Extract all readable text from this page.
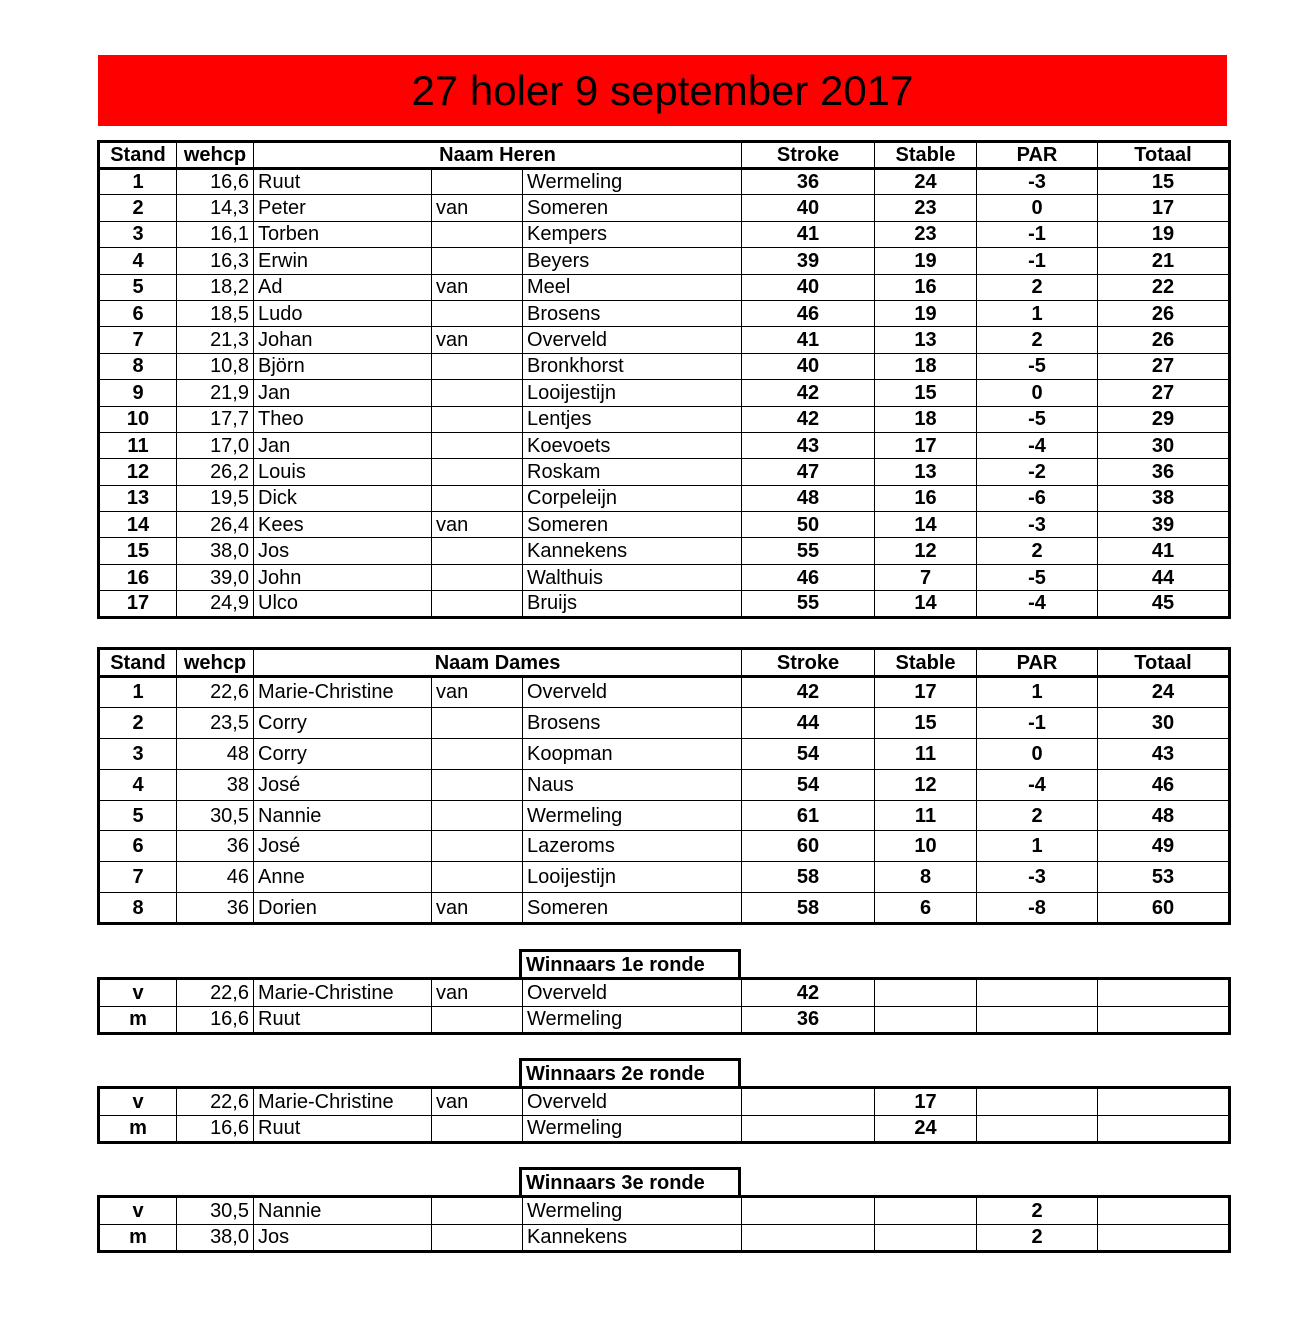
27 holer 9 september 2017
Stand	wehcp	Naam Heren			Stroke	Stable	PAR	Totaal
1	16,6	Ruut		Wermeling	36	24	-3	15
2	14,3	Peter	van	Someren	40	23	0	17
3	16,1	Torben		Kempers	41	23	-1	19
4	16,3	Erwin		Beyers	39	19	-1	21
5	18,2	Ad	van	Meel	40	16	2	22
6	18,5	Ludo		Brosens	46	19	1	26
7	21,3	Johan	van	Overveld	41	13	2	26
8	10,8	Björn		Bronkhorst	40	18	-5	27
9	21,9	Jan		Looijestijn	42	15	0	27
10	17,7	Theo		Lentjes	42	18	-5	29
11	17,0	Jan		Koevoets	43	17	-4	30
12	26,2	Louis		Roskam	47	13	-2	36
13	19,5	Dick		Corpeleijn	48	16	-6	38
14	26,4	Kees	van	Someren	50	14	-3	39
15	38,0	Jos		Kannekens	55	12	2	41
16	39,0	John		Walthuis	46	7	-5	44
17	24,9	Ulco		Bruijs	55	14	-4	45
Stand	wehcp	Naam Dames			Stroke	Stable	PAR	Totaal
1	22,6	Marie-Christine	van	Overveld	42	17	1	24
2	23,5	Corry		Brosens	44	15	-1	30
3	48	Corry		Koopman	54	11	0	43
4	38	José		Naus	54	12	-4	46
5	30,5	Nannie		Wermeling	61	11	2	48
6	36	José		Lazeroms	60	10	1	49
7	46	Anne		Looijestijn	58	8	-3	53
8	36	Dorien	van	Someren	58	6	-8	60
Winnaars 1e ronde
v	22,6	Marie-Christine	van	Overveld	42			
m	16,6	Ruut		Wermeling	36			
Winnaars 2e ronde
v	22,6	Marie-Christine	van	Overveld		17		
m	16,6	Ruut		Wermeling		24		
Winnaars 3e ronde
v	30,5	Nannie		Wermeling			2	
m	38,0	Jos		Kannekens			2	
